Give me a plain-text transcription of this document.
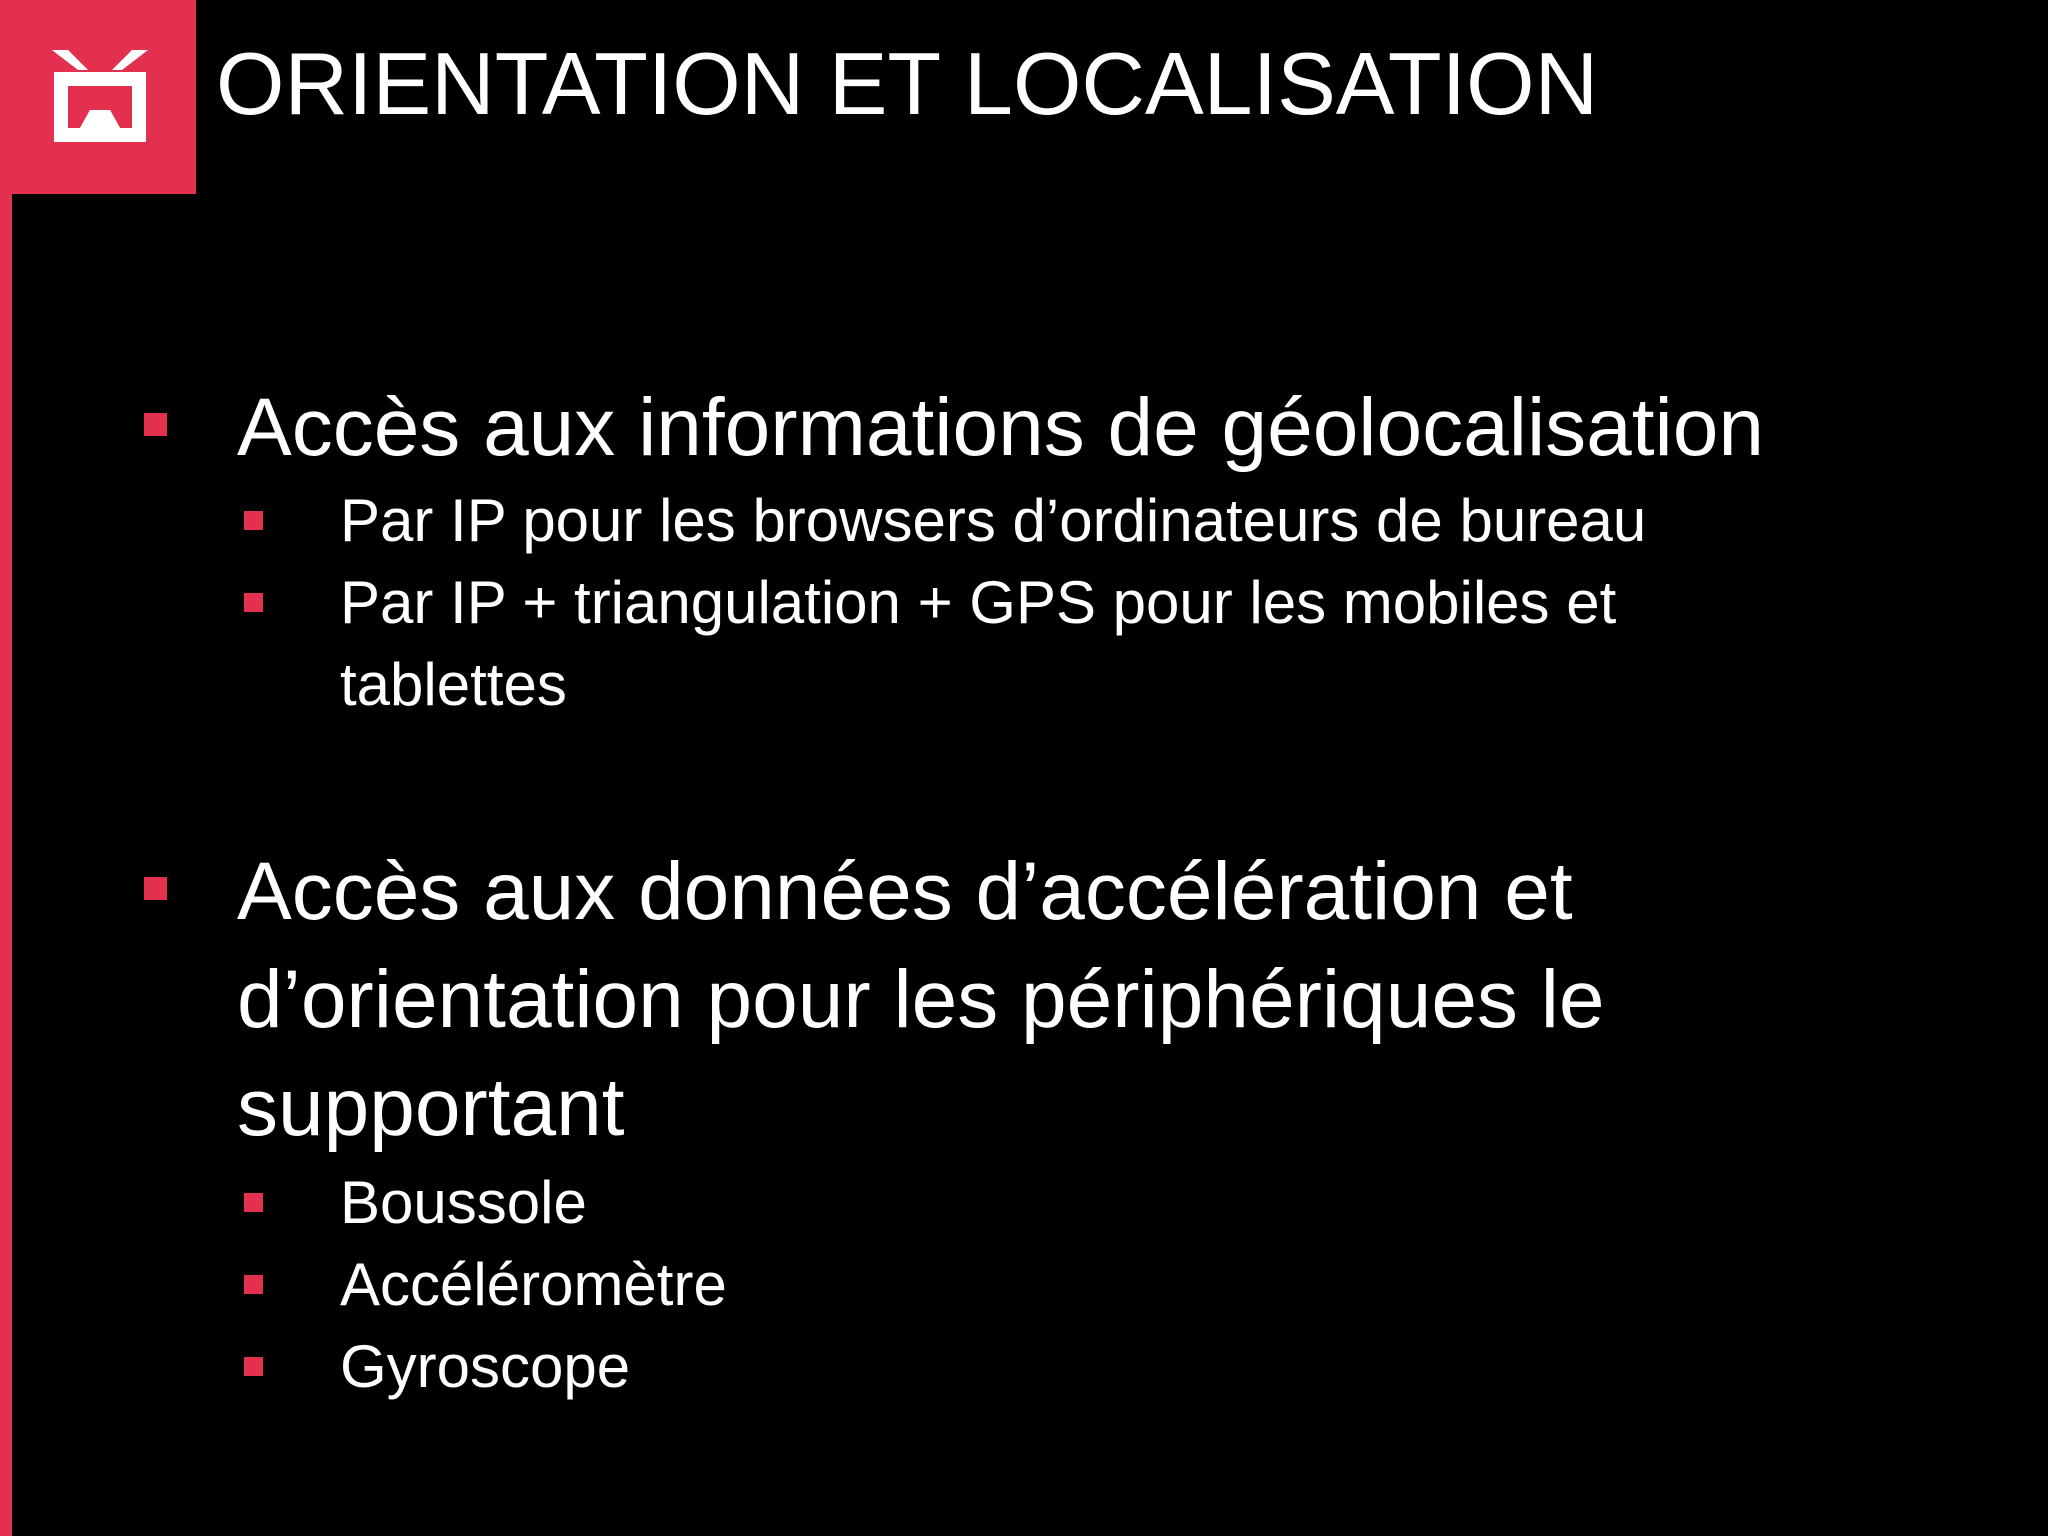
ORIENTATION ET LOCALISATION
Accès aux informations de géolocalisation
Par IP pour les browsers d’ordinateurs de bureau
Par IP + triangulation + GPS pour les mobiles et
tablettes
Accès aux données d’accélération et
d’orientation pour les périphériques le
supportant
Boussole
Accéléromètre
Gyroscope
